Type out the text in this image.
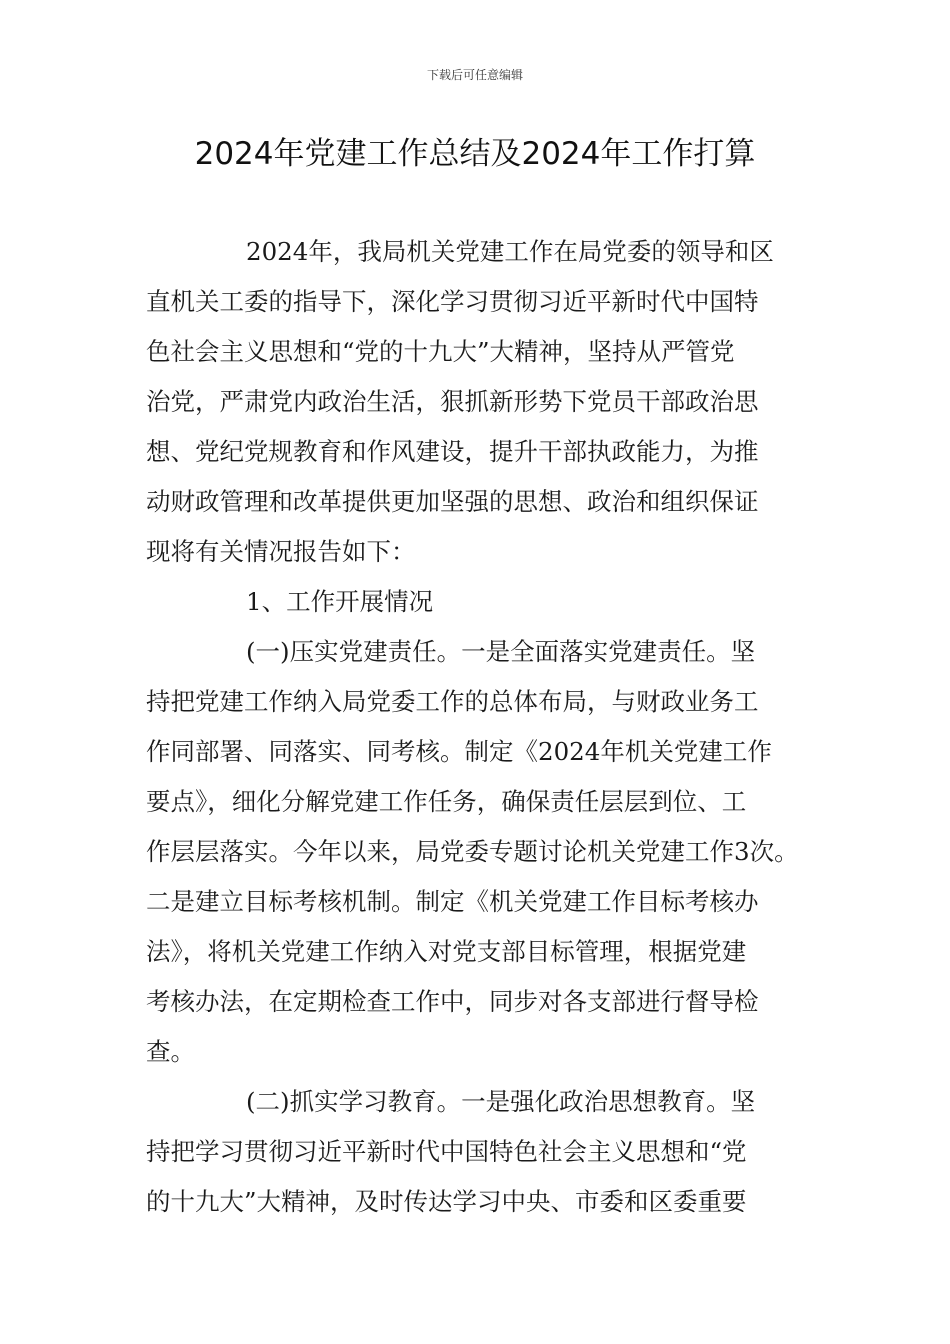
下载后可任意编辑
2024年党建工作总结及2024年工作打算
2024年，我局机关党建工作在局党委的领导和区
直机关工委的指导下，深化学习贯彻习近平新时代中国特
色社会主义思想和“党的十九大”大精神，坚持从严管党
治党，严肃党内政治生活，狠抓新形势下党员干部政治思
想、党纪党规教育和作风建设，提升干部执政能力，为推
动财政管理和改革提供更加坚强的思想、政治和组织保证
现将有关情况报告如下：
1、工作开展情况
(一)压实党建责任。一是全面落实党建责任。坚
持把党建工作纳入局党委工作的总体布局，与财政业务工
作同部署、同落实、同考核。制定《2024年机关党建工作
要点》，细化分解党建工作任务，确保责任层层到位、工
作层层落实。今年以来，局党委专题讨论机关党建工作3次。
二是建立目标考核机制。制定《机关党建工作目标考核办
法》，将机关党建工作纳入对党支部目标管理，根据党建
考核办法，在定期检查工作中，同步对各支部进行督导检
查。
(二)抓实学习教育。一是强化政治思想教育。坚
持把学习贯彻习近平新时代中国特色社会主义思想和“党
的十九大”大精神，及时传达学习中央、市委和区委重要
